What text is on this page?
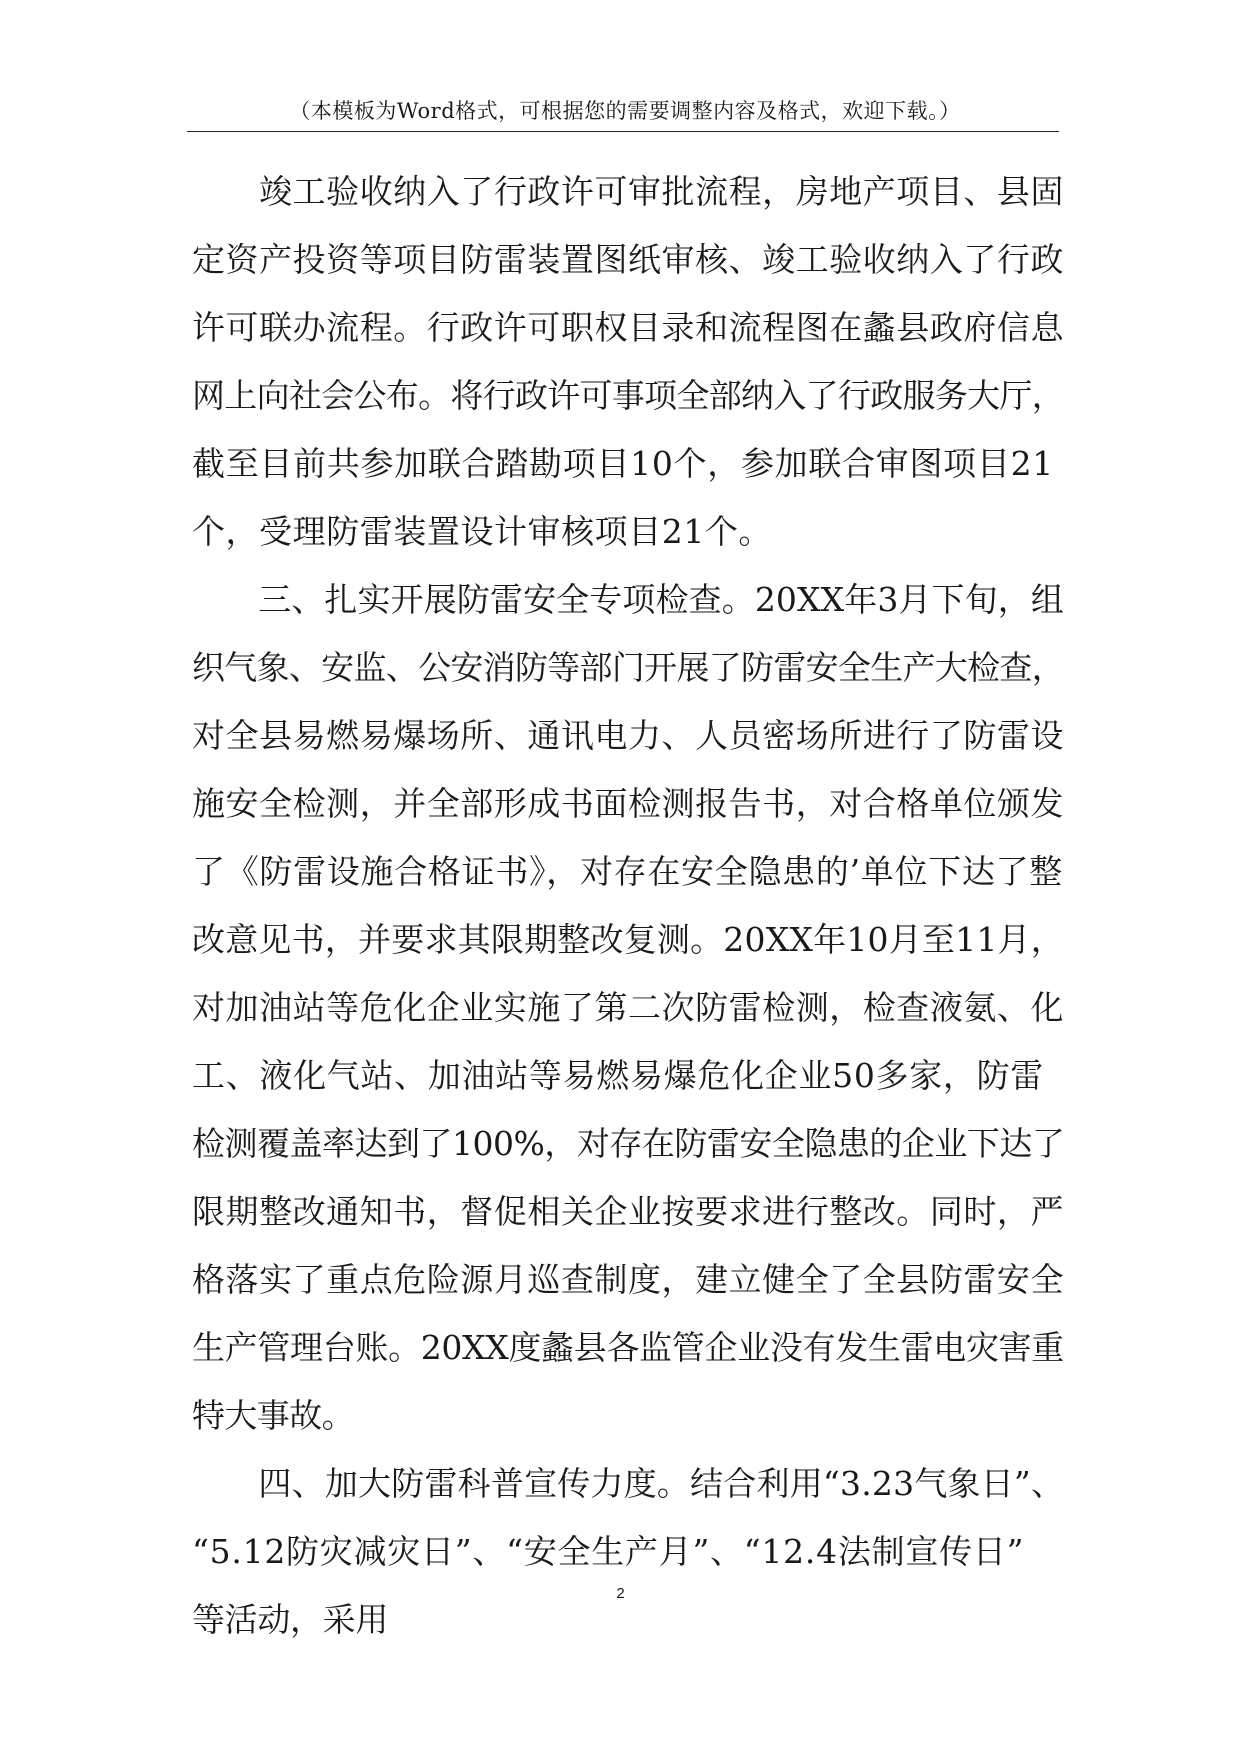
（本模板为Word格式，可根据您的需要调整内容及格式，欢迎下载。）
　　竣工验收纳入了行政许可审批流程，房地产项目、县固
定资产投资等项目防雷装置图纸审核、竣工验收纳入了行政
许可联办流程。行政许可职权目录和流程图在蠡县政府信息
网上向社会公布。将行政许可事项全部纳入了行政服务大厅，
截至目前共参加联合踏勘项目10个，参加联合审图项目21
个，受理防雷装置设计审核项目21个。
　　三、扎实开展防雷安全专项检查。20XX年3月下旬，组
织气象、安监、公安消防等部门开展了防雷安全生产大检查，
对全县易燃易爆场所、通讯电力、人员密场所进行了防雷设
施安全检测，并全部形成书面检测报告书，对合格单位颁发
了《防雷设施合格证书》，对存在安全隐患的’单位下达了整
改意见书，并要求其限期整改复测。20XX年10月至11月，
对加油站等危化企业实施了第二次防雷检测，检查液氨、化
工、液化气站、加油站等易燃易爆危化企业50多家，防雷
检测覆盖率达到了100%，对存在防雷安全隐患的企业下达了
限期整改通知书，督促相关企业按要求进行整改。同时，严
格落实了重点危险源月巡查制度，建立健全了全县防雷安全
生产管理台账。20XX度蠡县各监管企业没有发生雷电灾害重
特大事故。
　　四、加大防雷科普宣传力度。结合利用“3.23气象日”、
“5.12防灾减灾日”、“安全生产月”、“12.4法制宣传日”
等活动，采用
2
